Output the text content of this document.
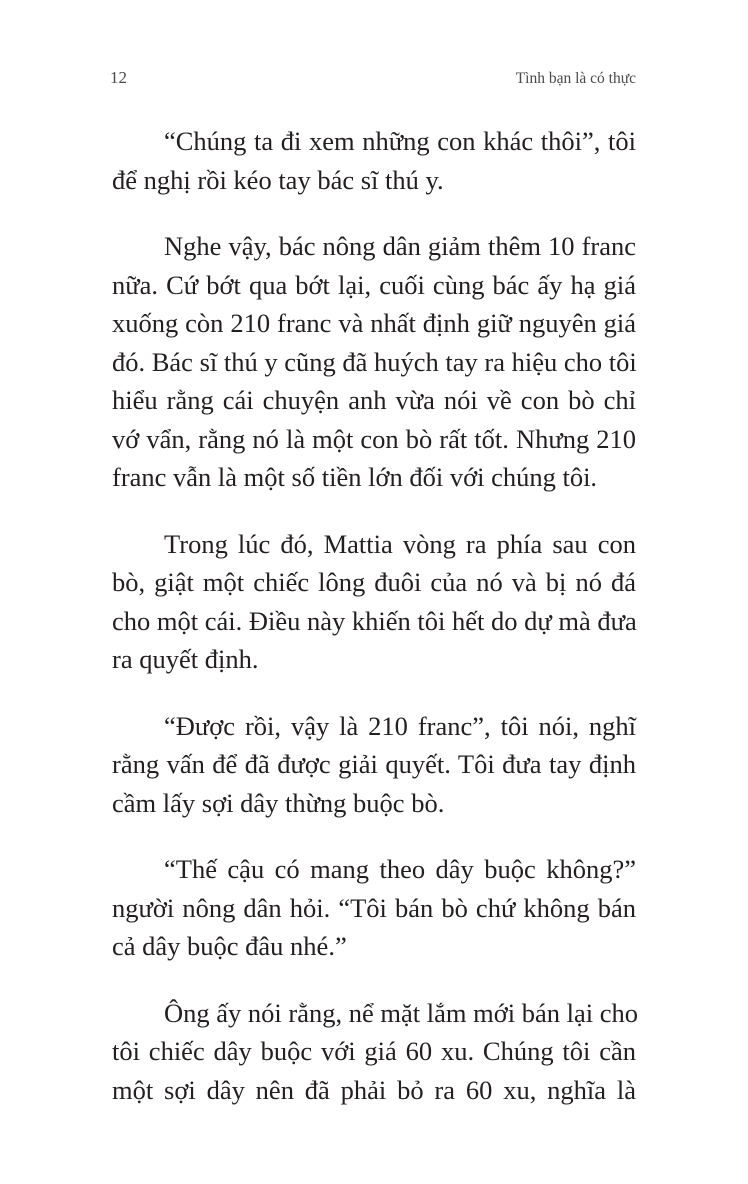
12	Tình bạn là có thực

“Chúng ta đi xem những con khác thôi”, tôi
để nghị rồi kéo tay bác sĩ thú y.

Nghe vậy, bác nông dân giảm thêm 10 franc
nữa. Cứ bớt qua bớt lại, cuối cùng bác ấy hạ giá
xuống còn 210 franc và nhất định giữ nguyên giá
đó. Bác sĩ thú y cũng đã huých tay ra hiệu cho tôi
hiểu rằng cái chuyện anh vừa nói về con bò chỉ
vớ vẩn, rằng nó là một con bò rất tốt. Nhưng 210
franc vẫn là một số tiền lớn đối với chúng tôi.

Trong lúc đó, Mattia vòng ra phía sau con
bò, giật một chiếc lông đuôi của nó và bị nó đá
cho một cái. Điều này khiến tôi hết do dự mà đưa
ra quyết định.

“Được rồi, vậy là 210 franc”, tôi nói, nghĩ
rằng vấn để đã được giải quyết. Tôi đưa tay định
cầm lấy sợi dây thừng buộc bò.

“Thế cậu có mang theo dây buộc không?”
người nông dân hỏi. “Tôi bán bò chứ không bán
cả dây buộc đâu nhé.”

Ông ấy nói rằng, nể mặt lắm mới bán lại cho
tôi chiếc dây buộc với giá 60 xu. Chúng tôi cần
một sợi dây nên đã phải bỏ ra 60 xu, nghĩa là
